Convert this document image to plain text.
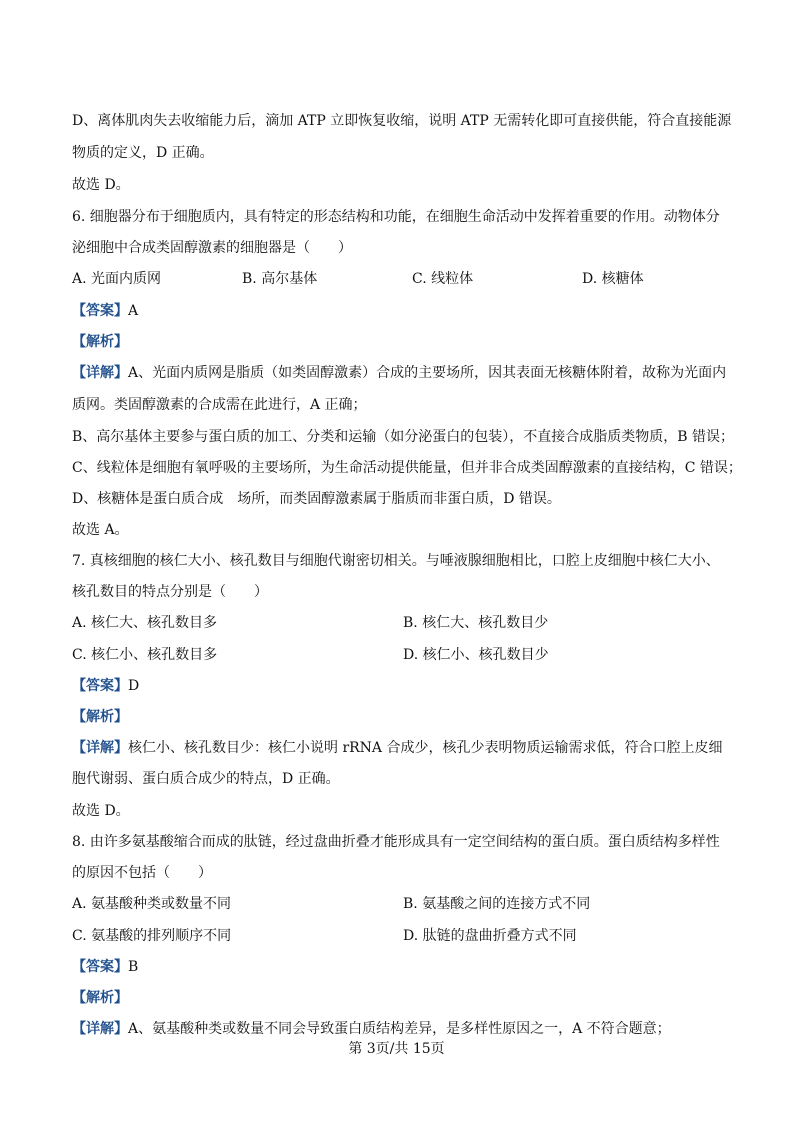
D、离体肌肉失去收缩能力后，滴加 ATP 立即恢复收缩，说明 ATP 无需转化即可直接供能，符合直接能源
物质的定义，D 正确。
故选 D。
6. 细胞器分布于细胞质内，具有特定的形态结构和功能，在细胞生命活动中发挥着重要的作用。动物体分
泌细胞中合成类固醇激素的细胞器是（　　）
A. 光面内质网	B. 高尔基体	C. 线粒体	D. 核糖体
【答案】A
【解析】
【详解】A、光面内质网是脂质（如类固醇激素）合成的主要场所，因其表面无核糖体附着，故称为光面内
质网。类固醇激素的合成需在此进行，A 正确；
B、高尔基体主要参与蛋白质的加工、分类和运输（如分泌蛋白的包装），不直接合成脂质类物质，B 错误；
C、线粒体是细胞有氧呼吸的主要场所，为生命活动提供能量，但并非合成类固醇激素的直接结构，C 错误；
D、核糖体是蛋白质合成　场所，而类固醇激素属于脂质而非蛋白质，D 错误。
故选 A。
7. 真核细胞的核仁大小、核孔数目与细胞代谢密切相关。与唾液腺细胞相比，口腔上皮细胞中核仁大小、
核孔数目的特点分别是（　　）
A. 核仁大、核孔数目多	B. 核仁大、核孔数目少
C. 核仁小、核孔数目多	D. 核仁小、核孔数目少
【答案】D
【解析】
【详解】核仁小、核孔数目少：核仁小说明 rRNA 合成少，核孔少表明物质运输需求低，符合口腔上皮细
胞代谢弱、蛋白质合成少的特点，D 正确。
故选 D。
8. 由许多氨基酸缩合而成的肽链，经过盘曲折叠才能形成具有一定空间结构的蛋白质。蛋白质结构多样性
的原因不包括（　　）
A. 氨基酸种类或数量不同	B. 氨基酸之间的连接方式不同
C. 氨基酸的排列顺序不同	D. 肽链的盘曲折叠方式不同
【答案】B
【解析】
【详解】A、氨基酸种类或数量不同会导致蛋白质结构差异，是多样性原因之一，A 不符合题意；
第 3页/共 15页
